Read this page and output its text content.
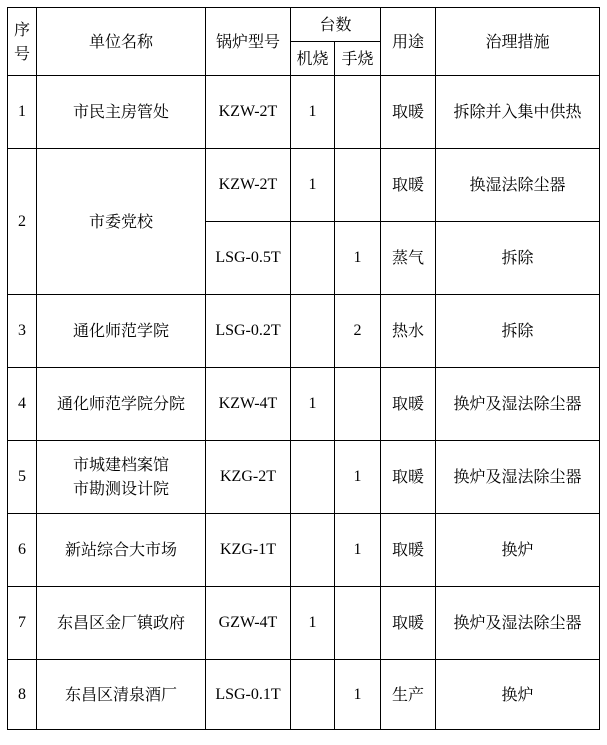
序
号	单位名称	锅炉型号	台数		用途	治理措施
			机烧	手烧		
1	市民主房管处	KZW-2T	1		取暖	拆除并入集中供热
2	市委党校	KZW-2T	1		取暖	换湿法除尘器
		LSG-0.5T		1	蒸气	拆除
3	通化师范学院	LSG-0.2T		2	热水	拆除
4	通化师范学院分院	KZW-4T	1		取暖	换炉及湿法除尘器
5	市城建档案馆
市勘测设计院	KZG-2T		1	取暖	换炉及湿法除尘器
6	新站综合大市场	KZG-1T		1	取暖	换炉
7	东昌区金厂镇政府	GZW-4T	1		取暖	换炉及湿法除尘器
8	东昌区清泉酒厂	LSG-0.1T		1	生产	换炉
